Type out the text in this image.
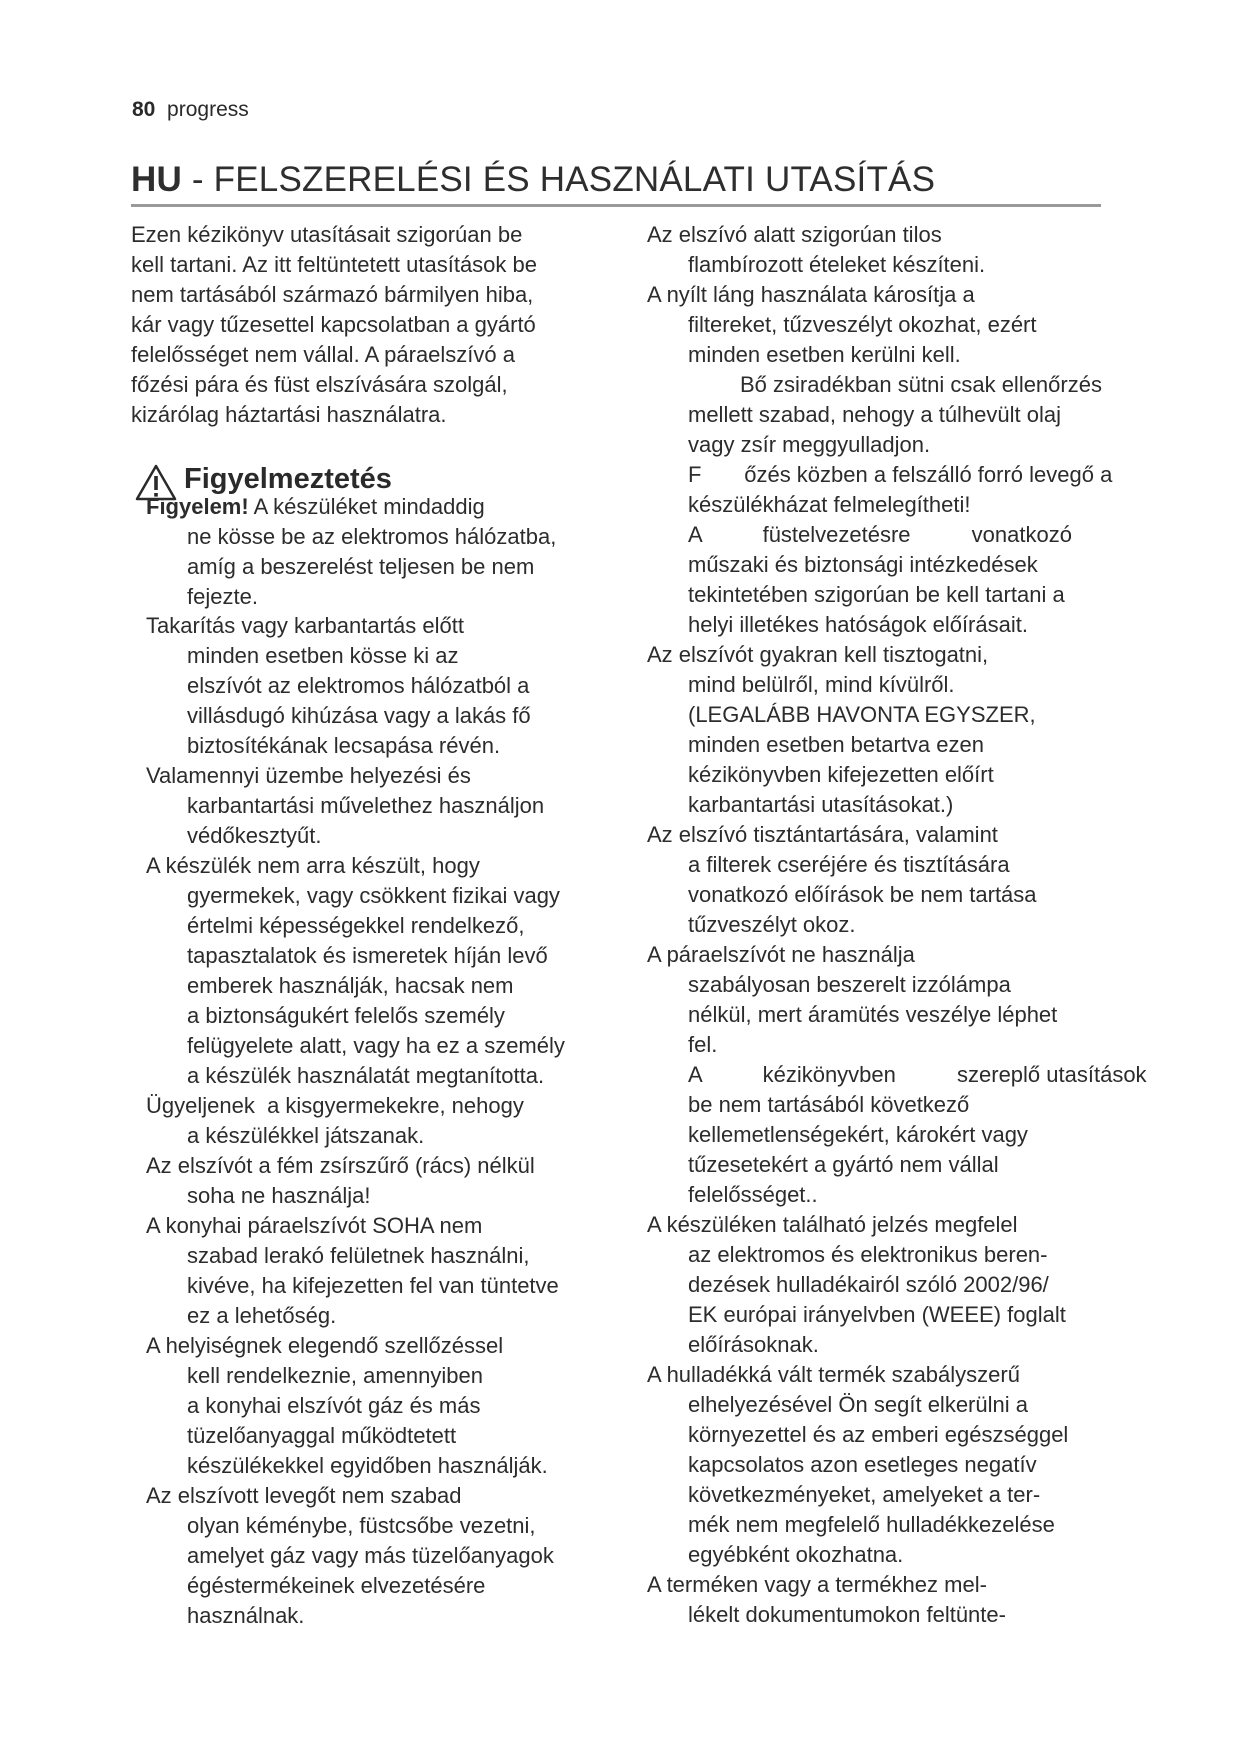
80 progress
HU - FELSZERELÉSI ÉS HASZNÁLATI UTASÍTÁS
Ezen kézikönyv utasításait szigorúan be
kell tartani. Az itt feltüntetett utasítások be
nem tartásából származó bármilyen hiba,
kár vagy tűzesettel kapcsolatban a gyártó
felelősséget nem vállal. A páraelszívó a
főzési pára és füst elszívására szolgál,
kizárólag háztartási használatra.
Figyelmeztetés
Figyelem! A készüléket mindaddig
ne kösse be az elektromos hálózatba,
amíg a beszerelést teljesen be nem
fejezte.
Takarítás vagy karbantartás előtt
minden esetben kösse ki az
elszívót az elektromos hálózatból a
villásdugó kihúzása vagy a lakás fő
biztosítékának lecsapása révén.
Valamennyi üzembe helyezési és
karbantartási művelethez használjon
védőkesztyűt.
A készülék nem arra készült, hogy
gyermekek, vagy csökkent fizikai vagy
értelmi képességekkel rendelkező,
tapasztalatok és ismeretek híján levő
emberek használják, hacsak nem
a biztonságukért felelős személy
felügyelete alatt, vagy ha ez a személy
a készülék használatát megtanította.
Ügyeljenek  a kisgyermekekre, nehogy
a készülékkel játszanak.
Az elszívót a fém zsírszűrő (rács) nélkül
soha ne használja!
A konyhai páraelszívót SOHA nem
szabad lerakó felületnek használni,
kivéve, ha kifejezetten fel van tüntetve
ez a lehetőség.
A helyiségnek elegendő szellőzéssel
kell rendelkeznie, amennyiben
a konyhai elszívót gáz és más
tüzelőanyaggal működtetett
készülékekkel egyidőben használják.
Az elszívott levegőt nem szabad
olyan kéménybe, füstcsőbe vezetni,
amelyet gáz vagy más tüzelőanyagok
égéstermékeinek elvezetésére
használnak.
Az elszívó alatt szigorúan tilos
flambírozott ételeket készíteni.
A nyílt láng használata károsítja a
filtereket, tűzveszélyt okozhat, ezért
minden esetben kerülni kell.
Bő zsiradékban sütni csak ellenőrzés
mellett szabad, nehogy a túlhevült olaj
vagy zsír meggyulladjon.
F       őzés közben a felszálló forró levegő a
készülékházat felmelegítheti!
A          füstelvezetésre          vonatkozó
műszaki és biztonsági intézkedések
tekintetében szigorúan be kell tartani a
helyi illetékes hatóságok előírásait.
Az elszívót gyakran kell tisztogatni,
mind belülről, mind kívülről.
(LEGALÁBB HAVONTA EGYSZER,
minden esetben betartva ezen
kézikönyvben kifejezetten előírt
karbantartási utasításokat.)
Az elszívó tisztántartására, valamint
a filterek cseréjére és tisztítására
vonatkozó előírások be nem tartása
tűzveszélyt okoz.
A páraelszívót ne használja
szabályosan beszerelt izzólámpa
nélkül, mert áramütés veszélye léphet
fel.
A          kézikönyvben          szereplő utasítások
be nem tartásából következő
kellemetlenségekért, károkért vagy
tűzesetekért a gyártó nem vállal
felelősséget..
A készüléken található jelzés megfelel
az elektromos és elektronikus beren-
dezések hulladékairól szóló 2002/96/
EK európai irányelvben (WEEE) foglalt
előírásoknak.
A hulladékká vált termék szabályszerű
elhelyezésével Ön segít elkerülni a
környezettel és az emberi egészséggel
kapcsolatos azon esetleges negatív
következményeket, amelyeket a ter-
mék nem megfelelő hulladékkezelése
egyébként okozhatna.
A terméken vagy a termékhez mel-
lékelt dokumentumokon feltünte-
